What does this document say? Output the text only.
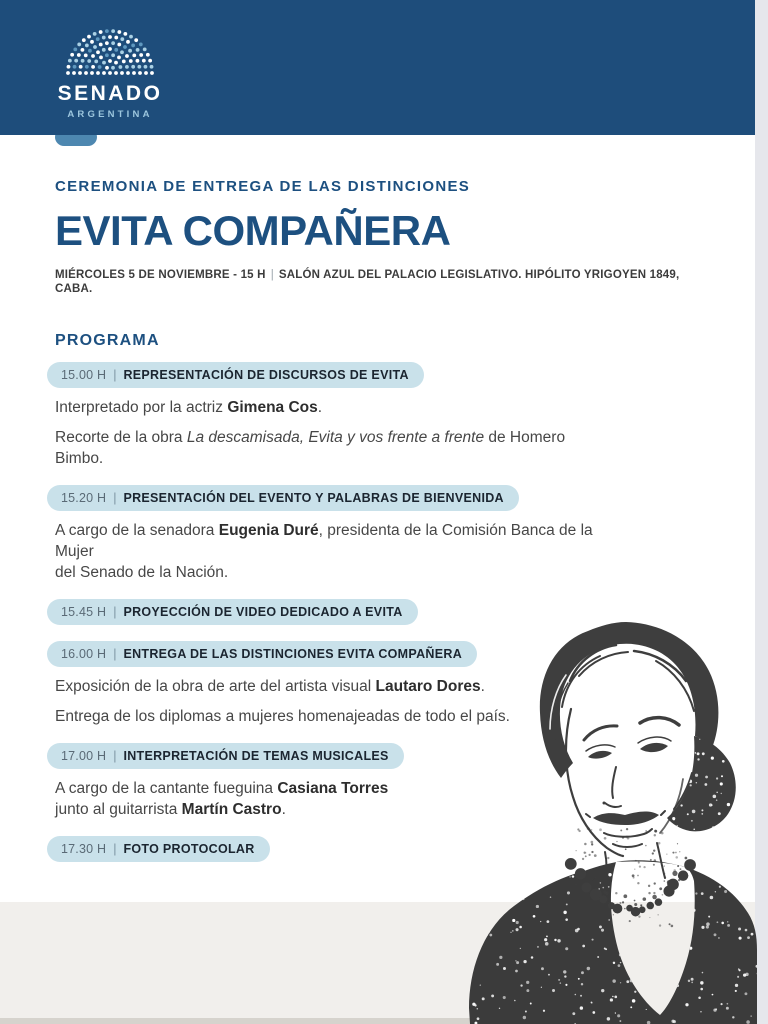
SENADO
ARGENTINA
CEREMONIA DE ENTREGA DE LAS DISTINCIONES
EVITA COMPAÑERA
MIÉRCOLES 5 DE NOVIEMBRE - 15 H | SALÓN AZUL DEL PALACIO LEGISLATIVO. HIPÓLITO YRIGOYEN 1849, CABA.
PROGRAMA
15.00 H | REPRESENTACIÓN DE DISCURSOS DE EVITA

Interpretado por la actriz Gimena Cos.

Recorte de la obra La descamisada, Evita y vos frente a frente de Homero Bimbo.

15.20 H | PRESENTACIÓN DEL EVENTO Y PALABRAS DE BIENVENIDA

A cargo de la senadora Eugenia Duré, presidenta de la Comisión Banca de la Mujer
del Senado de la Nación.

15.45 H | PROYECCIÓN DE VIDEO DEDICADO A EVITA
16.00 H | ENTREGA DE LAS DISTINCIONES EVITA COMPAÑERA

Exposición de la obra de arte del artista visual Lautaro Dores.

Entrega de los diplomas a mujeres homenajeadas de todo el país.

17.00 H | INTERPRETACIÓN DE TEMAS MUSICALES

A cargo de la cantante fueguina Casiana Torres
junto al guitarrista Martín Castro.

17.30 H | FOTO PROTOCOLAR
